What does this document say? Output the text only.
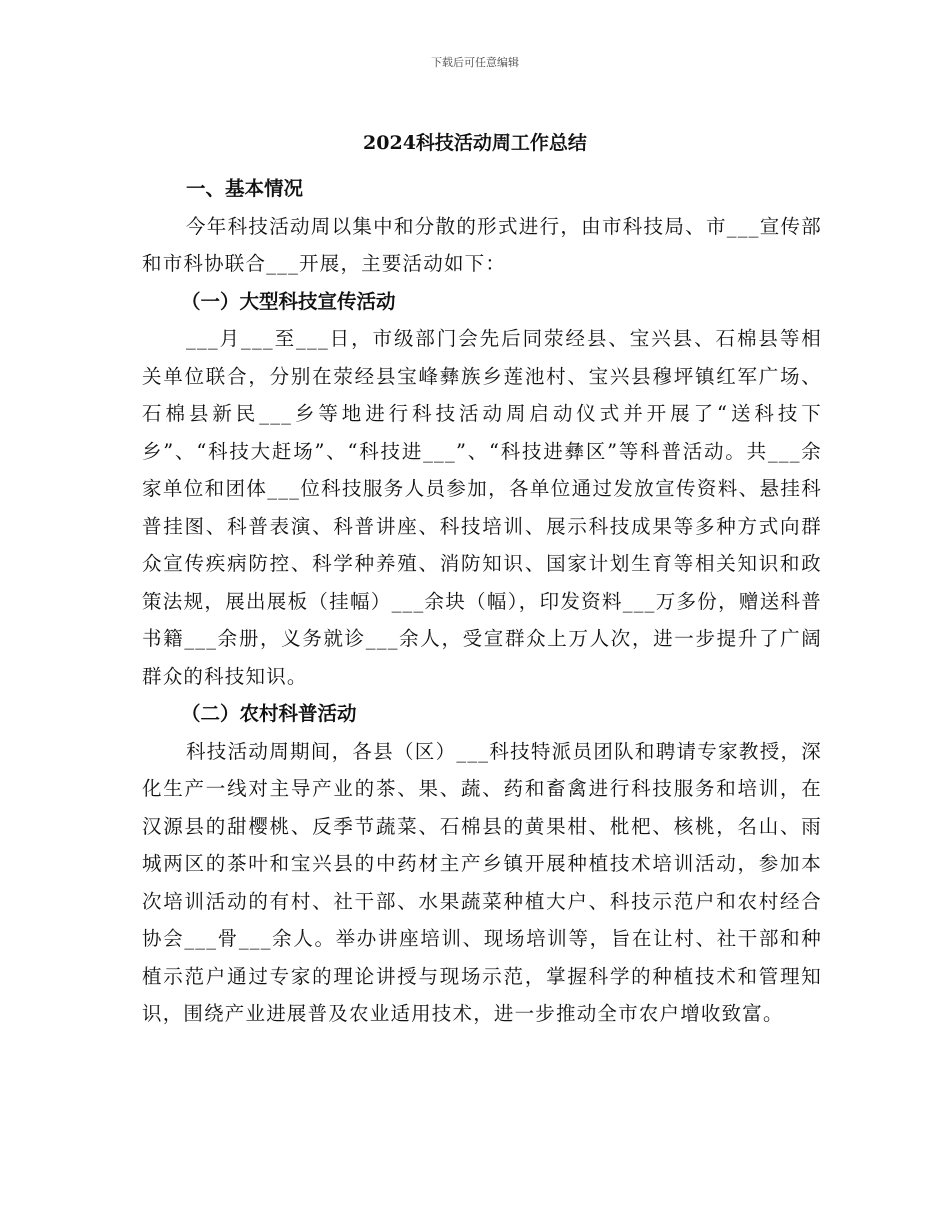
下载后可任意编辑
2024科技活动周工作总结

一、基本情况

今年科技活动周以集中和分散的形式进行，由市科技局、市___宣传部和市科协联合___开展，主要活动如下：

（一）大型科技宣传活动

___月___至___日，市级部门会先后同荥经县、宝兴县、石棉县等相关单位联合，分别在荥经县宝峰彝族乡莲池村、宝兴县穆坪镇红军广场、石棉县新民___乡等地进行科技活动周启动仪式并开展了“送科技下乡”、“科技大赶场”、“科技进___”、“科技进彝区”等科普活动。共___余家单位和团体___位科技服务人员参加，各单位通过发放宣传资料、悬挂科普挂图、科普表演、科普讲座、科技培训、展示科技成果等多种方式向群众宣传疾病防控、科学种养殖、消防知识、国家计划生育等相关知识和政策法规，展出展板（挂幅）___余块（幅），印发资料___万多份，赠送科普书籍___余册，义务就诊___余人，受宣群众上万人次，进一步提升了广阔群众的科技知识。

（二）农村科普活动

科技活动周期间，各县（区）___科技特派员团队和聘请专家教授，深化生产一线对主导产业的茶、果、蔬、药和畜禽进行科技服务和培训，在汉源县的甜樱桃、反季节蔬菜、石棉县的黄果柑、枇杷、核桃，名山、雨城两区的茶叶和宝兴县的中药材主产乡镇开展种植技术培训活动，参加本次培训活动的有村、社干部、水果蔬菜种植大户、科技示范户和农村经合协会___骨___余人。举办讲座培训、现场培训等，旨在让村、社干部和种植示范户通过专家的理论讲授与现场示范，掌握科学的种植技术和管理知识，围绕产业进展普及农业适用技术，进一步推动全市农户增收致富。
